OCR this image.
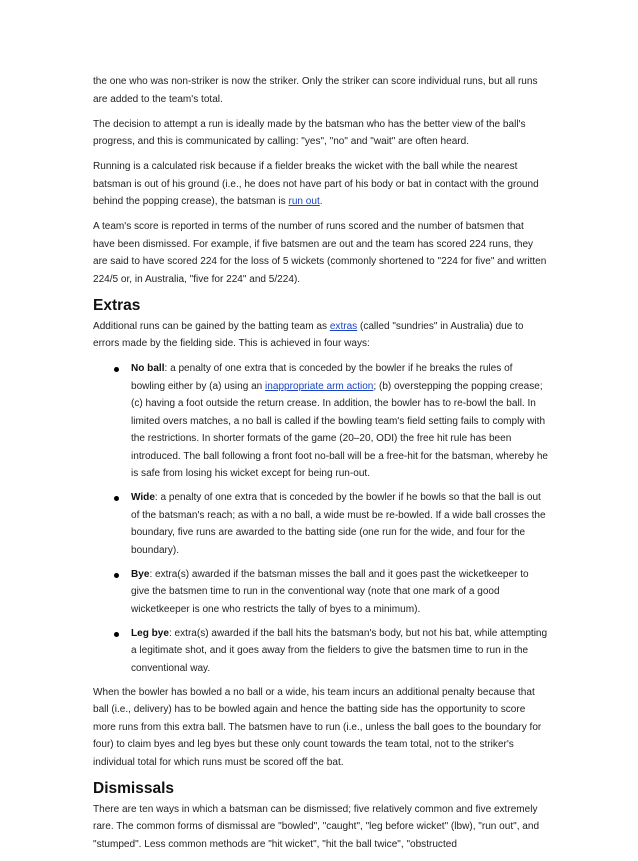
the one who was non-striker is now the striker. Only the striker can score individual runs, but all runs are added to the team's total.

The decision to attempt a run is ideally made by the batsman who has the better view of the ball's progress, and this is communicated by calling: "yes", "no" and "wait" are often heard.

Running is a calculated risk because if a fielder breaks the wicket with the ball while the nearest batsman is out of his ground (i.e., he does not have part of his body or bat in contact with the ground behind the popping crease), the batsman is run out.

A team's score is reported in terms of the number of runs scored and the number of batsmen that have been dismissed. For example, if five batsmen are out and the team has scored 224 runs, they are said to have scored 224 for the loss of 5 wickets (commonly shortened to "224 for five" and written 224/5 or, in Australia, "five for 224" and 5/224).

Extras

Additional runs can be gained by the batting team as extras (called "sundries" in Australia) due to errors made by the fielding side. This is achieved in four ways:

No ball: a penalty of one extra that is conceded by the bowler if he breaks the rules of bowling either by (a) using an inappropriate arm action; (b) overstepping the popping crease; (c) having a foot outside the return crease. In addition, the bowler has to re-bowl the ball. In limited overs matches, a no ball is called if the bowling team's field setting fails to comply with the restrictions. In shorter formats of the game (20–20, ODI) the free hit rule has been introduced. The ball following a front foot no-ball will be a free-hit for the batsman, whereby he is safe from losing his wicket except for being run-out.
Wide: a penalty of one extra that is conceded by the bowler if he bowls so that the ball is out of the batsman's reach; as with a no ball, a wide must be re-bowled. If a wide ball crosses the boundary, five runs are awarded to the batting side (one run for the wide, and four for the boundary).
Bye: extra(s) awarded if the batsman misses the ball and it goes past the wicketkeeper to give the batsmen time to run in the conventional way (note that one mark of a good wicketkeeper is one who restricts the tally of byes to a minimum).
Leg bye: extra(s) awarded if the ball hits the batsman's body, but not his bat, while attempting a legitimate shot, and it goes away from the fielders to give the batsmen time to run in the conventional way.

When the bowler has bowled a no ball or a wide, his team incurs an additional penalty because that ball (i.e., delivery) has to be bowled again and hence the batting side has the opportunity to score more runs from this extra ball. The batsmen have to run (i.e., unless the ball goes to the boundary for four) to claim byes and leg byes but these only count towards the team total, not to the striker's individual total for which runs must be scored off the bat.

Dismissals

There are ten ways in which a batsman can be dismissed; five relatively common and five extremely rare. The common forms of dismissal are "bowled", "caught", "leg before wicket" (lbw), "run out", and "stumped". Less common methods are "hit wicket", "hit the ball twice", "obstructed
